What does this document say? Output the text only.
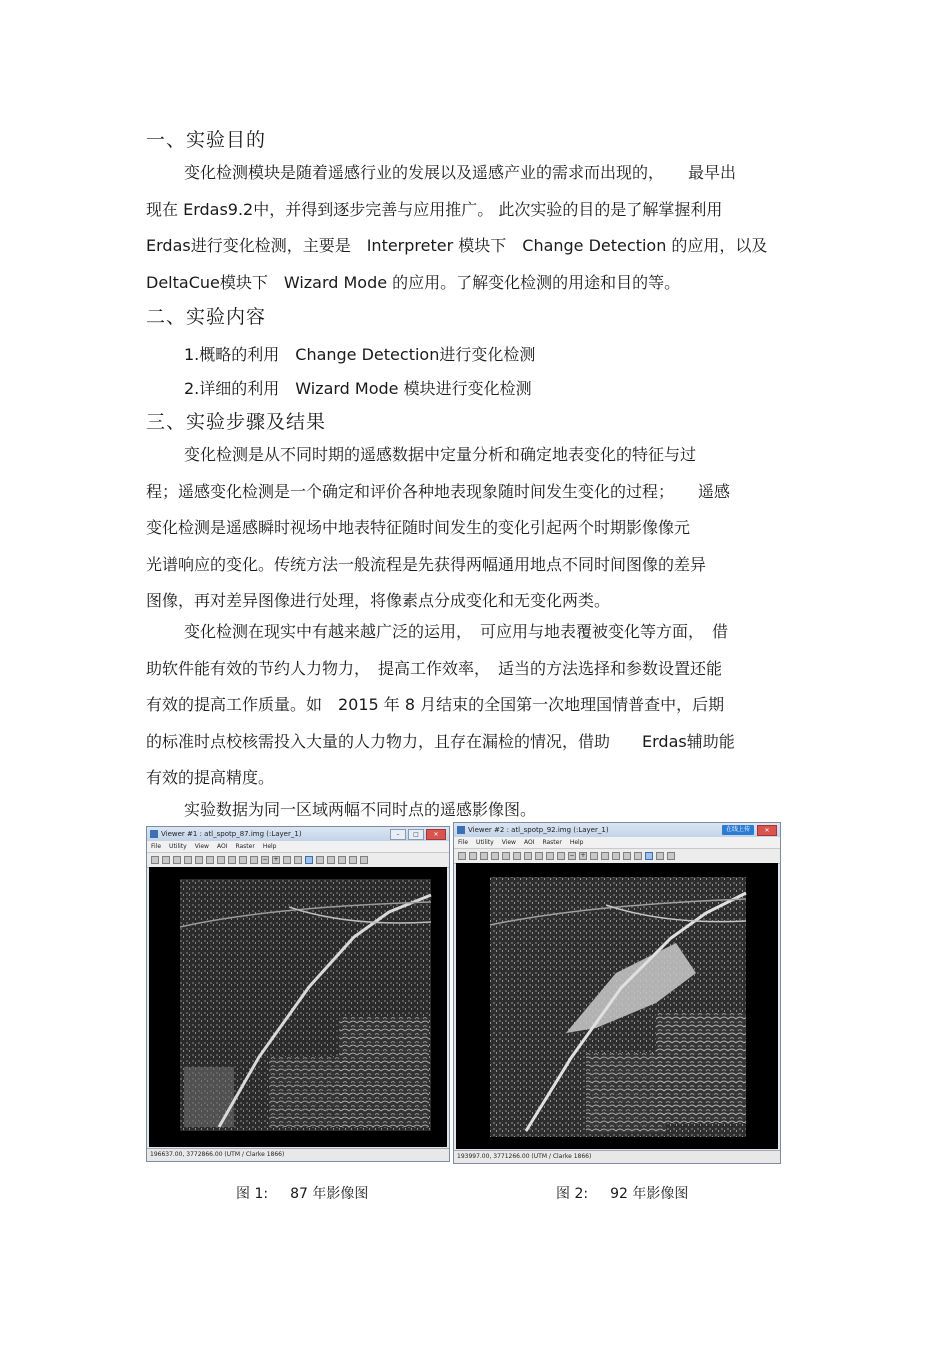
一、实验目的
变化检测模块是随着遥感行业的发展以及遥感产业的需求而出现的，　　最早出
现在 Erdas9.2中，并得到逐步完善与应用推广。 此次实验的目的是了解掌握利用
Erdas进行变化检测，主要是　Interpreter 模块下　Change Detection 的应用，以及
DeltaCue模块下　Wizard Mode 的应用。了解变化检测的用途和目的等。
二、实验内容
1.概略的利用　Change Detection进行变化检测
2.详细的利用　Wizard Mode 模块进行变化检测
三、实验步骤及结果
变化检测是从不同时期的遥感数据中定量分析和确定地表变化的特征与过
程；遥感变化检测是一个确定和评价各种地表现象随时间发生变化的过程；　　遥感
变化检测是遥感瞬时视场中地表特征随时间发生的变化引起两个时期影像像元
光谱响应的变化。传统方法一般流程是先获得两幅通用地点不同时间图像的差异
图像，再对差异图像进行处理，将像素点分成变化和无变化两类。
变化检测在现实中有越来越广泛的运用，　可应用与地表覆被变化等方面，　借
助软件能有效的节约人力物力，　提高工作效率，　适当的方法选择和参数设置还能
有效的提高工作质量。如　2015 年 8 月结束的全国第一次地理国情普查中，后期
的标准时点校核需投入大量的人力物力，且存在漏检的情况，借助　　Erdas辅助能
有效的提高精度。
实验数据为同一区域两幅不同时点的遥感影像图。
Viewer #1 : atl_spotp_87.img (:Layer_1)	–	□	✕
File Utility View AOI Raster Help
− +
196637.00, 3772866.00 (UTM / Clarke 1866)
Viewer #2 : atl_spotp_92.img (:Layer_1)	在线上传	✕
File Utility View AOI Raster Help
− +
193997.00, 3771266.00 (UTM / Clarke 1866)
图 1: 87 年影像图	图 2: 92 年影像图
